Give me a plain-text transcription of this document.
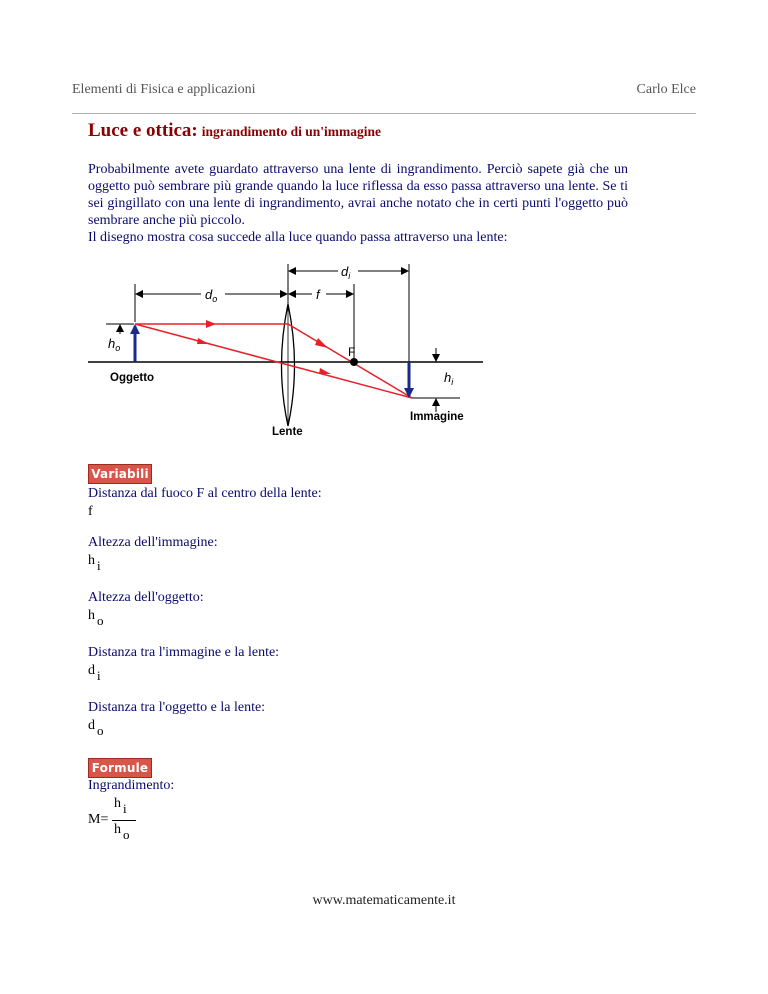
Elementi di Fisica e applicazioni	Carlo Elce
Luce e ottica: ingrandimento di un'immagine

Probabilmente avete guardato attraverso una lente di ingrandimento. Perciò sapete già che un oggetto può sembrare più grande quando la luce riflessa da esso passa attraverso una lente. Se ti sei gingillato con una lente di ingrandimento, avrai anche notato che in certi punti l'oggetto può sembrare anche più piccolo.

Il disegno mostra cosa succede alla luce quando passa attraverso una lente:

$d_i$
$d_o$	f
$h_o$
Oggetto
Lente
F
Immagine
$h_i$
Variabili
Distanza dal fuoco F al centro della lente:
f
Altezza dell'immagine:
h $_i$
Altezza dell'oggetto:
h $_o$
Distanza tra l'immagine e la lente:
d $_i$
Distanza tra l'oggetto e la lente:
d $_o$
Formule
Ingrandimento:
M=
h $_i$
h $_o$
www.matematicamente.it
